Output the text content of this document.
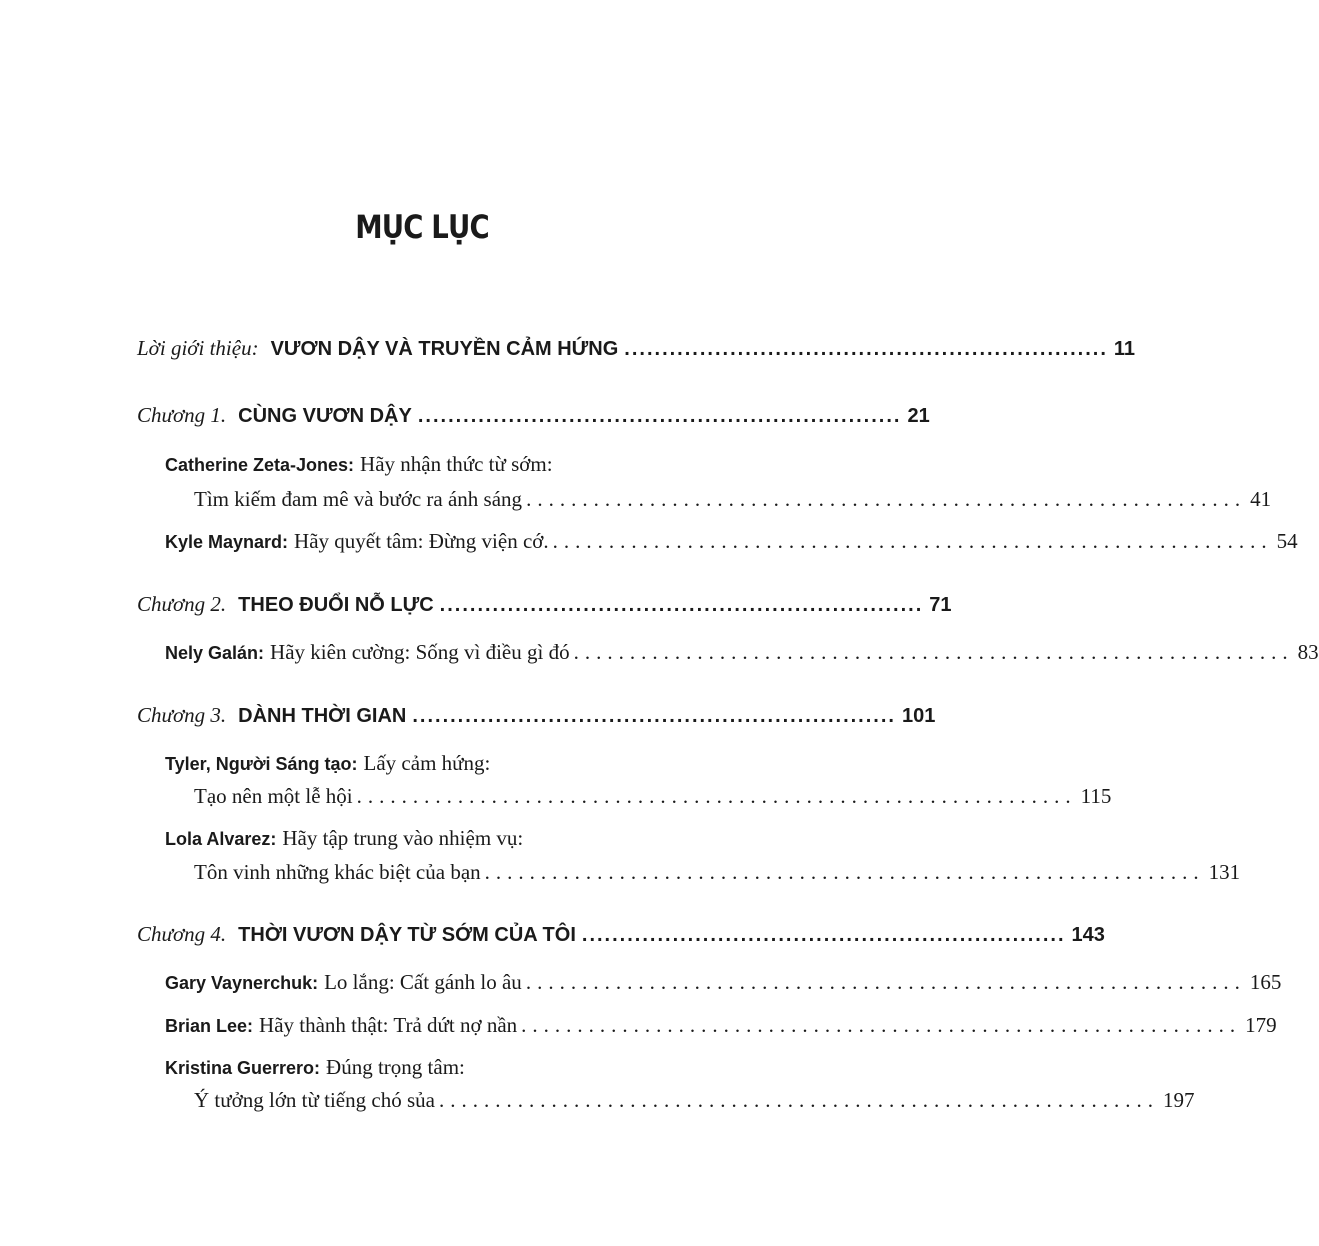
MỤC LỤC
Lời giới thiệu: VƯƠN DẬY VÀ TRUYỀN CẢM HỨNG ................................................................ 11
Chương 1. CÙNG VƯƠN DẬY ................................................................ 21
Catherine Zeta-Jones: Hãy nhận thức từ sớm:
Tìm kiếm đam mê và bước ra ánh sáng ................................................................ 41
Kyle Maynard: Hãy quyết tâm: Đừng viện cớ. ................................................................ 54
Chương 2. THEO ĐUỔI NỖ LỰC ................................................................ 71
Nely Galán: Hãy kiên cường: Sống vì điều gì đó ................................................................ 83
Chương 3. DÀNH THỜI GIAN ................................................................ 101
Tyler, Người Sáng tạo: Lấy cảm hứng:
Tạo nên một lễ hội ................................................................ 115
Lola Alvarez: Hãy tập trung vào nhiệm vụ:
Tôn vinh những khác biệt của bạn ................................................................ 131
Chương 4. THỜI VƯƠN DẬY TỪ SỚM CỦA TÔI ................................................................ 143
Gary Vaynerchuk: Lo lắng: Cất gánh lo âu ................................................................ 165
Brian Lee: Hãy thành thật: Trả dứt nợ nần ................................................................ 179
Kristina Guerrero: Đúng trọng tâm:
Ý tưởng lớn từ tiếng chó sủa ................................................................ 197
